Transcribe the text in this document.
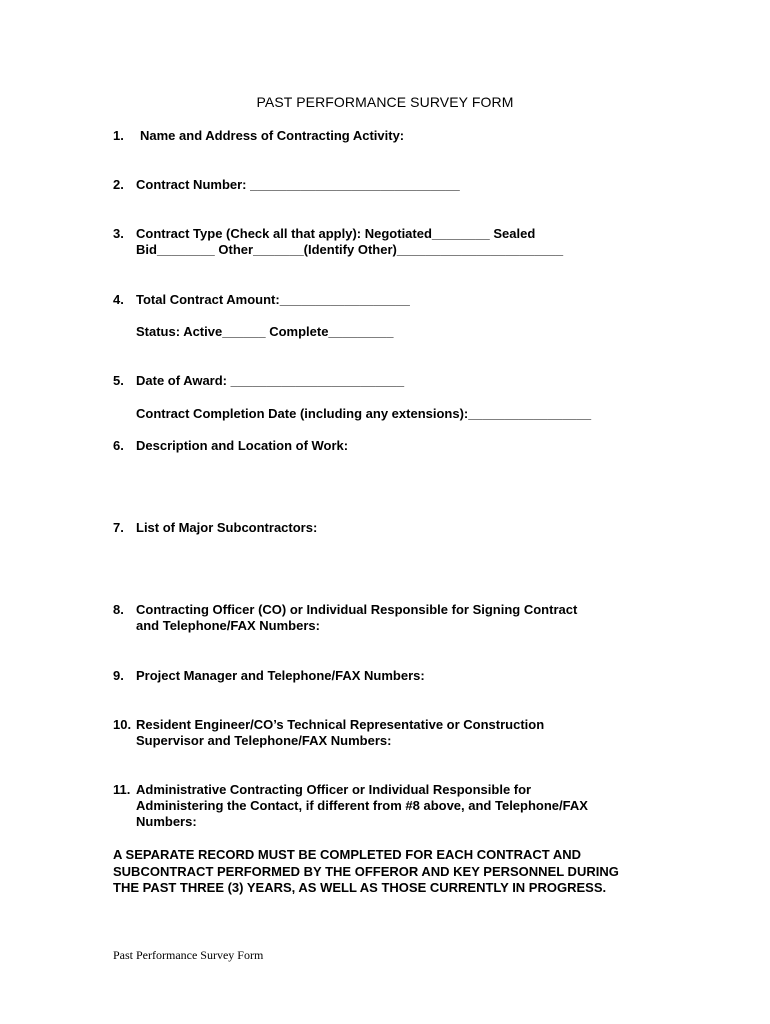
PAST PERFORMANCE SURVEY FORM
1. Name and Address of Contracting Activity:
2. Contract Number: _____________________________
3. Contract Type (Check all that apply): Negotiated________ Sealed
Bid________ Other_______(Identify Other)_______________________
4. Total Contract Amount:__________________
Status: Active______ Complete_________
5. Date of Award: ________________________
Contract Completion Date (including any extensions):_________________
6. Description and Location of Work:
7. List of Major Subcontractors:
8. Contracting Officer (CO) or Individual Responsible for Signing Contract
and Telephone/FAX Numbers:
9. Project Manager and Telephone/FAX Numbers:
10. Resident Engineer/CO’s Technical Representative or Construction
Supervisor and Telephone/FAX Numbers:
11. Administrative Contracting Officer or Individual Responsible for
Administering the Contact, if different from #8 above, and Telephone/FAX
Numbers:
A SEPARATE RECORD MUST BE COMPLETED FOR EACH CONTRACT AND SUBCONTRACT PERFORMED BY THE OFFEROR AND KEY PERSONNEL DURING THE PAST THREE (3) YEARS, AS WELL AS THOSE CURRENTLY IN PROGRESS.
Past Performance Survey Form
